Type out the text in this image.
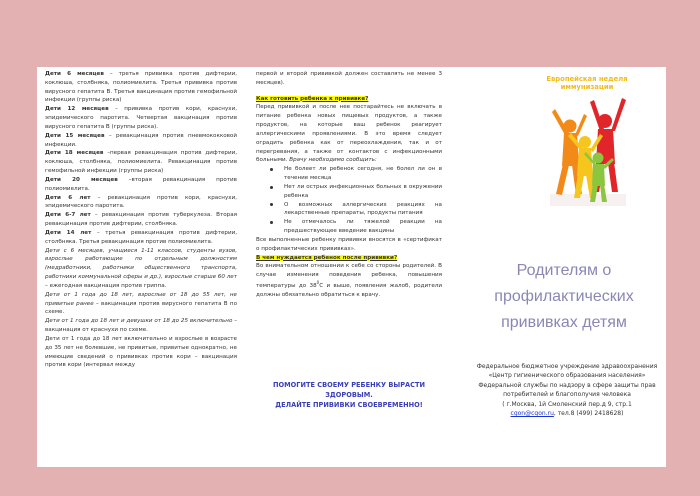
Дети 6 месяцев – третья прививка против дифтерии, коклюша, столбняка, полиомиелита. Третья прививка против вирусного гепатита В. Третья вакцинация против гемофильной инфекции (группы риска)

Дети 12 месяцев – прививка против кори, краснухи, эпидемического паротита. Четвертая вакцинация против вирусного гепатита В (группы риска).

Дети 15 месяцев – ревакцинация против пневмококковой инфекции.

Дети 18 месяцев –первая ревакцинация против дифтерии, коклюша, столбняка, полиомиелита. Ревакцинация против гемофильной инфекции (группы риска)

Дети 20 месяцев –вторая ревакцинация против полиомиелита.

Дети 6 лет – ревакцинация против кори, краснухи, эпидемического паротита.

Дети 6-7 лет – ревакцинация против туберкулеза. Вторая ревакцинация против дифтерии, столбняка.

Дети 14 лет – третья ревакцинация против дифтерии, столбняка. Третья ревакцинация против полиомиелита.

Дети с 6 месяцев, учащиеся 1-11 классов, студенты вузов, взрослые работающие по отдельным должностям (медработники, работники общественного транспорта, работники коммунальной сферы и др.), взрослые старше 60 лет – ежегодная вакцинация против гриппа.

Дети от 1 года до 18 лет, взрослые от 18 до 55 лет, не привитые ранее – вакцинация против вирусного гепатита В по схеме.

Дети от 1 года до 18 лет и девушки от 18 до 25 включительно – вакцинация от краснухи по схеме.

Дети от 1 года до 18 лет включительно и взрослые в возрасте до 35 лет не болевшие, не привитые, привитые однократно, не имеющие сведений о прививках против кори – вакцинация против кори (интервал между

первой и второй прививкой должен составлять не менее 3 месяцев).

Как готовить ребенка к прививке?

Перед прививкой и после нее постарайтесь не включать в питание ребенка новых пищевых продуктов, а также продуктов, на которые ваш ребенок реагирует аллергическими проявлениями. В это время следует оградить ребенка как от переохлаждения, так и от перегревания, а также от контактов с инфекционными больными. Врачу необходимо сообщить:

Не болеет ли ребенок сегодня, не болел ли он в течение месяца
Нет ли острых инфекционных больных в окружении ребенка
О возможных аллергических реакциях на лекарственные препараты, продукты питания
Не отмечалось ли тяжелой реакции на предшествующее введение вакцины

Все выполненные ребенку прививки вносятся в «сертификат о профилактических прививках».

В чем нуждается ребенок после прививки?

Во внимательном отношении к себе со стороны родителей. В случае изменения поведения ребенка, повышения температуры до $38^0С$ и выше, появления жалоб, родители должны обязательно обратиться к врачу.

ПОМОГИТЕ СВОЕМУ РЕБЕНКУ ВЫРАСТИ ЗДОРОВЫМ.
ДЕЛАЙТЕ ПРИВИВКИ СВОЕВРЕМЕННО!
Европейская неделя иммунизации
Родителям о профилактических прививках детям
Федеральное бюджетное учреждение здравоохранения «Центр гигиенического образования населения» Федеральной службы по надзору в сфере защиты прав потребителей и благополучия человека
( г.Москва, 1й Смоленский пер.д 9, стр.1
cgon@cgon.ru, тел.8 (499) 2418628)
